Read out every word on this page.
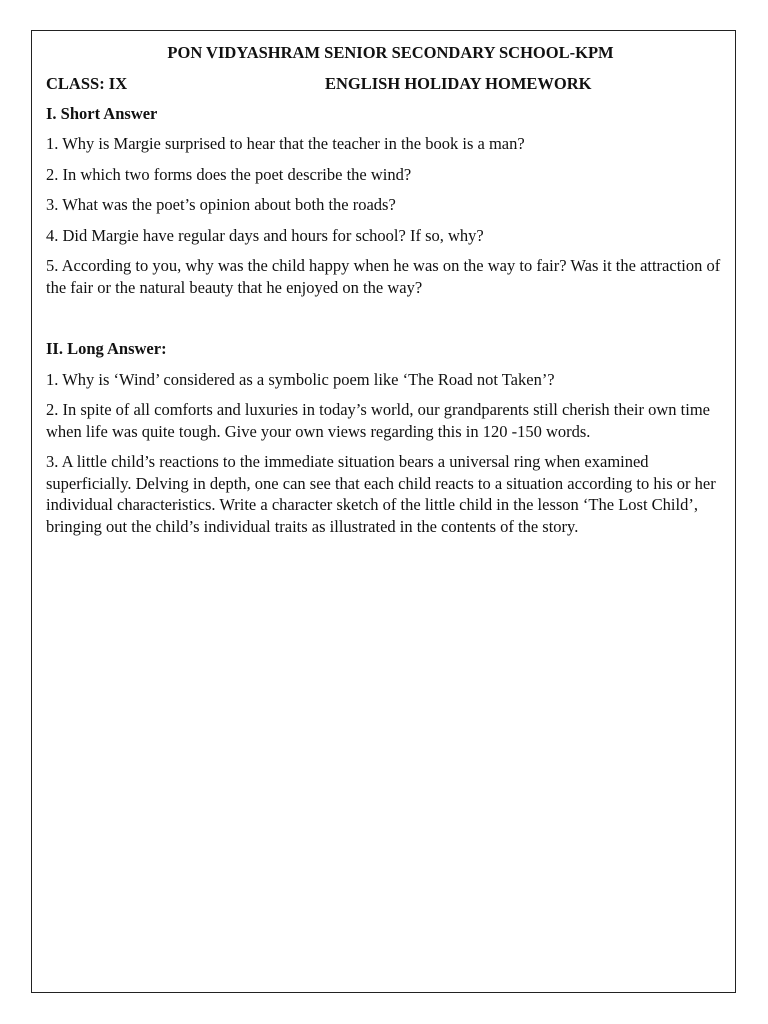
PON VIDYASHRAM SENIOR SECONDARY SCHOOL-KPM
CLASS: IX	ENGLISH HOLIDAY HOMEWORK
I. Short Answer
1. Why is Margie surprised to hear that the teacher in the book is a man?
2. In which two forms does the poet describe the wind?
3. What was the poet’s opinion about both the roads?
4. Did Margie have regular days and hours for school? If so, why?
5. According to you, why was the child happy when he was on the way to fair? Was it the attraction of the fair or the natural beauty that he enjoyed on the way?
II. Long Answer:
1. Why is ‘Wind’ considered as a symbolic poem like ‘The Road not Taken’?
2. In spite of all comforts and luxuries in today’s world, our grandparents still cherish their own time when life was quite tough. Give your own views regarding this in 120 -150 words.
3. A little child’s reactions to the immediate situation bears a universal ring when examined superficially. Delving in depth, one can see that each child reacts to a situation according to his or her individual characteristics. Write a character sketch of the little child in the lesson ‘The Lost Child’, bringing out the child’s individual traits as illustrated in the contents of the story.
